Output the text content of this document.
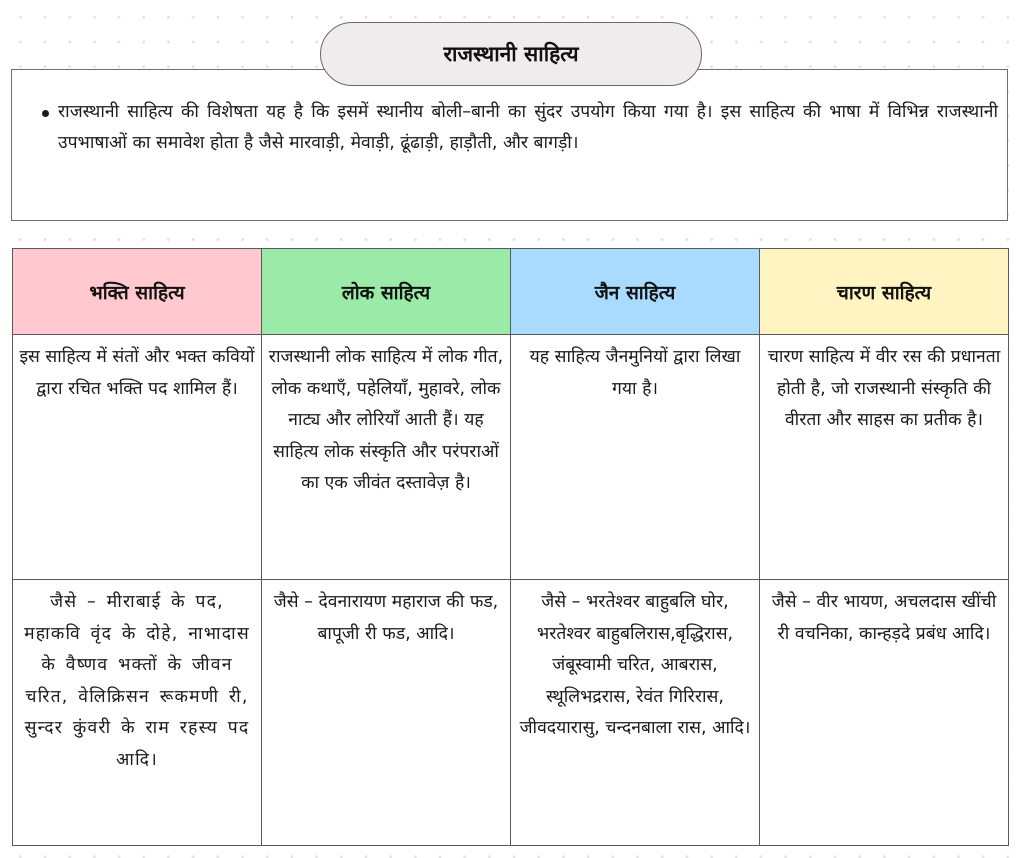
राजस्थानी साहित्य
राजस्थानी साहित्य की विशेषता यह है कि इसमें स्थानीय बोली–बानी का सुंदर उपयोग किया गया है। इस साहित्य की भाषा में विभिन्न राजस्थानी उपभाषाओं का समावेश होता है जैसे मारवाड़ी, मेवाड़ी, ढूंढाड़ी, हाड़ौती, और बागड़ी।
भक्ति साहित्य	लोक साहित्य	जैन साहित्य	चारण साहित्य
इस साहित्य में संतों और भक्त कवियों द्वारा रचित भक्ति पद शामिल हैं।	राजस्थानी लोक साहित्य में लोक गीत, लोक कथाएँ, पहेलियाँ, मुहावरे, लोक नाट्य और लोरियाँ आती हैं। यह साहित्य लोक संस्कृति और परंपराओं का एक जीवंत दस्तावेज़ है।	यह साहित्य जैनमुनियों द्वारा लिखा गया है।	चारण साहित्य में वीर रस की प्रधानता होती है, जो राजस्थानी संस्कृति की वीरता और साहस का प्रतीक है।
जैसे – मीराबाई के पद, महाकवि वृंद के दोहे, नाभादास के वैष्णव भक्तों के जीवन चरित, वेलिक्रिसन रूकमणी री, सुन्दर कुंवरी के राम रहस्य पद आदि।	जैसे – देवनारायण महाराज की फड, बापूजी री फड, आदि।	जैसे – भरतेश्वर बाहुबलि घोर, भरतेश्वर बाहुबलिरास,बृद्धिरास, जंबूस्वामी चरित, आबरास, स्थूलिभद्ररास, रेवंत गिरिरास, जीवदयारासु, चन्दनबाला रास, आदि।	जैसे – वीर भायण, अचलदास खींची री वचनिका, कान्हड़दे प्रबंध आदि।
